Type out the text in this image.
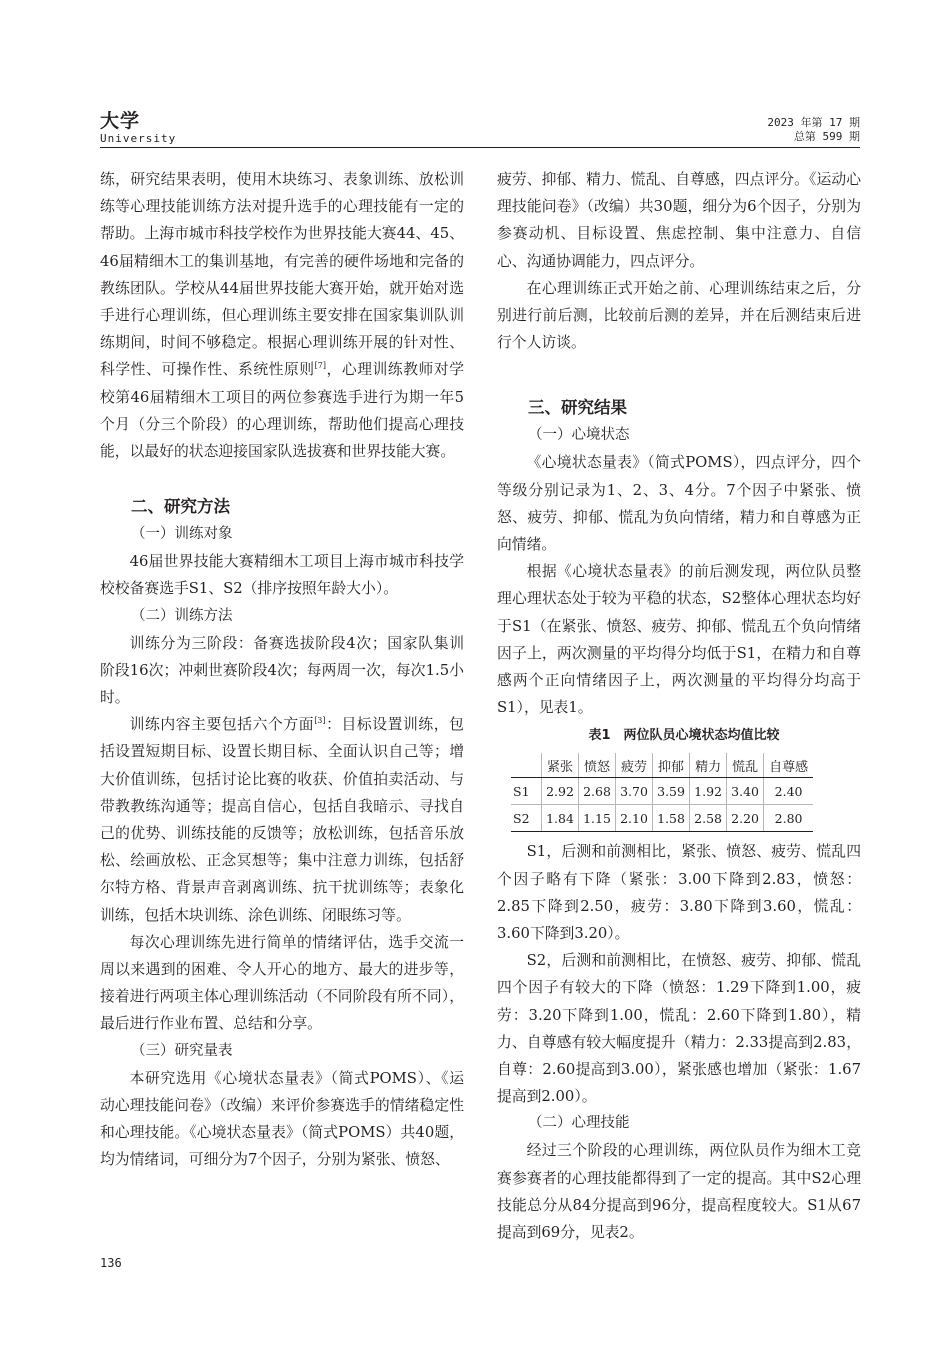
大学
University
2023 年第 17 期
总第 599 期

练，研究结果表明，使用木块练习、表象训练、放松训练等心理技能训练方法对提升选手的心理技能有一定的帮助。上海市城市科技学校作为世界技能大赛44、45、46届精细木工的集训基地，有完善的硬件场地和完备的教练团队。学校从44届世界技能大赛开始，就开始对选手进行心理训练，但心理训练主要安排在国家集训队训练期间，时间不够稳定。根据心理训练开展的针对性、科学性、可操作性、系统性原则[7]，心理训练教师对学校第46届精细木工项目的两位参赛选手进行为期一年5个月（分三个阶段）的心理训练，帮助他们提高心理技能，以最好的状态迎接国家队选拔赛和世界技能大赛。

二、研究方法
（一）训练对象

46届世界技能大赛精细木工项目上海市城市科技学校校备赛选手S1、S2（排序按照年龄大小）。

（二）训练方法

训练分为三阶段：备赛选拔阶段4次；国家队集训阶段16次；冲刺世赛阶段4次；每两周一次，每次1.5小时。

训练内容主要包括六个方面[3]：目标设置训练，包括设置短期目标、设置长期目标、全面认识自己等；增大价值训练，包括讨论比赛的收获、价值拍卖活动、与带教教练沟通等；提高自信心，包括自我暗示、寻找自己的优势、训练技能的反馈等；放松训练，包括音乐放松、绘画放松、正念冥想等；集中注意力训练，包括舒尔特方格、背景声音剥离训练、抗干扰训练等；表象化训练，包括木块训练、涂色训练、闭眼练习等。

每次心理训练先进行简单的情绪评估，选手交流一周以来遇到的困难、令人开心的地方、最大的进步等，接着进行两项主体心理训练活动（不同阶段有所不同），最后进行作业布置、总结和分享。

（三）研究量表

本研究选用《心境状态量表》（简式POMS）、《运动心理技能问卷》（改编）来评价参赛选手的情绪稳定性和心理技能。《心境状态量表》（简式POMS）共40题，均为情绪词，可细分为7个因子，分别为紧张、愤怒、

疲劳、抑郁、精力、慌乱、自尊感，四点评分。《运动心理技能问卷》（改编）共30题，细分为6个因子，分别为参赛动机、目标设置、焦虑控制、集中注意力、自信心、沟通协调能力，四点评分。

在心理训练正式开始之前、心理训练结束之后，分别进行前后测，比较前后测的差异，并在后测结束后进行个人访谈。

三、研究结果
（一）心境状态

《心境状态量表》（简式POMS），四点评分，四个等级分别记录为1、2、3、4分。7个因子中紧张、愤怒、疲劳、抑郁、慌乱为负向情绪，精力和自尊感为正向情绪。

根据《心境状态量表》的前后测发现，两位队员整理心理状态处于较为平稳的状态，S2整体心理状态均好于S1（在紧张、愤怒、疲劳、抑郁、慌乱五个负向情绪因子上，两次测量的平均得分均低于S1，在精力和自尊感两个正向情绪因子上，两次测量的平均得分均高于S1），见表1。

表1　两位队员心境状态均值比较
	紧张	愤怒	疲劳	抑郁	精力	慌乱	自尊感
S1	2.92	2.68	3.70	3.59	1.92	3.40	2.40
S2	1.84	1.15	2.10	1.58	2.58	2.20	2.80

S1，后测和前测相比，紧张、愤怒、疲劳、慌乱四个因子略有下降（紧张：3.00下降到2.83，愤怒：2.85下降到2.50，疲劳：3.80下降到3.60，慌乱：3.60下降到3.20）。

S2，后测和前测相比，在愤怒、疲劳、抑郁、慌乱四个因子有较大的下降（愤怒：1.29下降到1.00，疲劳：3.20下降到1.00，慌乱：2.60下降到1.80），精力、自尊感有较大幅度提升（精力：2.33提高到2.83，自尊：2.60提高到3.00），紧张感也增加（紧张：1.67提高到2.00）。

（二）心理技能

经过三个阶段的心理训练，两位队员作为细木工竞赛参赛者的心理技能都得到了一定的提高。其中S2心理技能总分从84分提高到96分，提高程度较大。S1从67提高到69分，见表2。

136
